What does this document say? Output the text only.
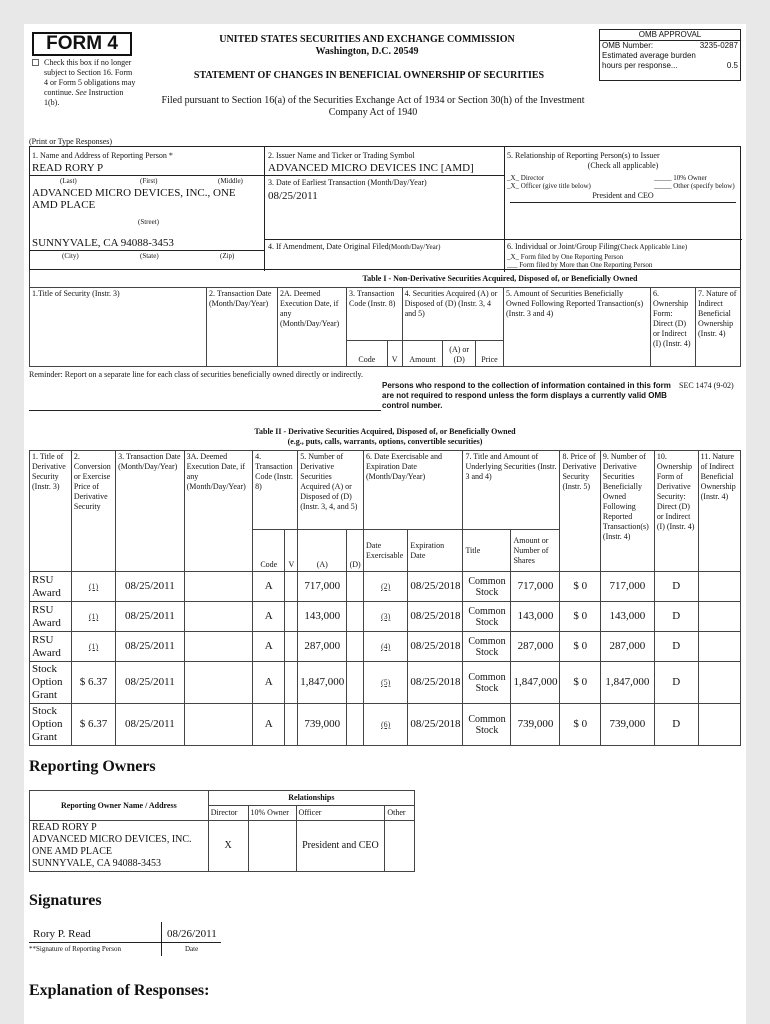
FORM 4
Check this box if no longer subject to Section 16. Form 4 or Form 5 obligations may continue. See Instruction 1(b).
UNITED STATES SECURITIES AND EXCHANGE COMMISSION
Washington, D.C. 20549
STATEMENT OF CHANGES IN BENEFICIAL OWNERSHIP OF SECURITIES
Filed pursuant to Section 16(a) of the Securities Exchange Act of 1934 or Section 30(h) of the Investment
Company Act of 1940
OMB APPROVAL
OMB Number:	3235-0287
Estimated average burden
hours per response...	0.5
(Print or Type Responses)
1. Name and Address of Reporting Person *
READ RORY P
(Last)	(First)	(Middle)
ADVANCED MICRO DEVICES, INC., ONE AMD PLACE
(Street)
SUNNYVALE, CA 94088-3453
(City)	(State)	(Zip)
2. Issuer Name and Ticker or Trading Symbol
ADVANCED MICRO DEVICES INC [AMD]
3. Date of Earliest Transaction (Month/Day/Year)
08/25/2011
4. If Amendment, Date Original Filed(Month/Day/Year)
5. Relationship of Reporting Person(s) to Issuer
(Check all applicable)
_X_ Director	_____ 10% Owner
_X_ Officer (give title below)	_____ Other (specify below)
President and CEO
6. Individual or Joint/Group Filing(Check Applicable Line)
_X_ Form filed by One Reporting Person
___ Form filed by More than One Reporting Person
Table I - Non-Derivative Securities Acquired, Disposed of, or Beneficially Owned										
1.Title of Security (Instr. 3)	2. Transaction Date (Month/Day/Year)	2A. Deemed Execution Date, if any (Month/Day/Year)	3. Transaction Code (Instr. 8)		4. Securities Acquired (A) or Disposed of (D) (Instr. 3, 4 and 5)			5. Amount of Securities Beneficially Owned Following Reported Transaction(s) (Instr. 3 and 4)	6. Ownership Form: Direct (D) or Indirect (I) (Instr. 4)	7. Nature of Indirect Beneficial Ownership (Instr. 4)
			Code	V	Amount	(A) or (D)	Price			
Reminder: Report on a separate line for each class of securities beneficially owned directly or indirectly.
Persons who respond to the collection of information contained in this form are not required to respond unless the form displays a currently valid OMB control number.
SEC 1474 (9-02)
Table II - Derivative Securities Acquired, Disposed of, or Beneficially Owned
(e.g., puts, calls, warrants, options, convertible securities)
1. Title of Derivative Security (Instr. 3)	2. Conversion or Exercise Price of Derivative Security	3. Transaction Date (Month/Day/Year)	3A. Deemed Execution Date, if any (Month/Day/Year)	4. Transaction Code (Instr. 8)		5. Number of Derivative Securities Acquired (A) or Disposed of (D) (Instr. 3, 4, and 5)		6. Date Exercisable and Expiration Date (Month/Day/Year)		7. Title and Amount of Underlying Securities (Instr. 3 and 4)		8. Price of Derivative Security (Instr. 5)	9. Number of Derivative Securities Beneficially Owned Following Reported Transaction(s) (Instr. 4)	10. Ownership Form of Derivative Security: Direct (D) or Indirect (I) (Instr. 4)	11. Nature of Indirect Beneficial Ownership (Instr. 4)
				Code	V	(A)	(D)	Date Exercisable	Expiration Date	Title	Amount or Number of Shares				
RSU Award	(1)	08/25/2011		A		717,000		(2)	08/25/2018	Common Stock	717,000	$ 0	717,000	D	
RSU Award	(1)	08/25/2011		A		143,000		(3)	08/25/2018	Common Stock	143,000	$ 0	143,000	D	
RSU Award	(1)	08/25/2011		A		287,000		(4)	08/25/2018	Common Stock	287,000	$ 0	287,000	D	
Stock Option Grant	$ 6.37	08/25/2011		A		1,847,000		(5)	08/25/2018	Common Stock	1,847,000	$ 0	1,847,000	D	
Stock Option Grant	$ 6.37	08/25/2011		A		739,000		(6)	08/25/2018	Common Stock	739,000	$ 0	739,000	D	
Reporting Owners
Reporting Owner Name / Address	Relationships			
	Director	10% Owner	Officer	Other

READ RORY P
ADVANCED MICRO DEVICES, INC.
ONE AMD PLACE
SUNNYVALE, CA 94088-3453	X		President and CEO	
Signatures
Rory P. Read
**Signature of Reporting Person
08/26/2011
Date
Explanation of Responses:
